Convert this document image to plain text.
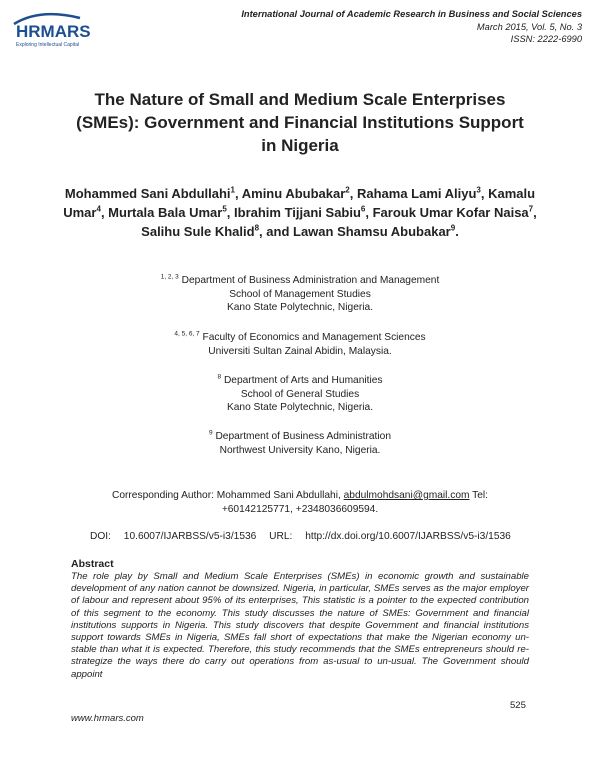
HRMARS
Exploring Intellectual Capital
International Journal of Academic Research in Business and Social Sciences
March 2015, Vol. 5, No. 3
ISSN: 2222-6990
The Nature of Small and Medium Scale Enterprises
(SMEs): Government and Financial Institutions Support
in Nigeria
Mohammed Sani Abdullahi$^1$, Aminu Abubakar$^2$, Rahama Lami Aliyu$^3$, Kamalu Umar$^4$, Murtala Bala Umar$^5$, Ibrahim Tijjani Sabiu$^6$, Farouk Umar Kofar Naisa$^7$, Salihu Sule Khalid$^8$, and Lawan Shamsu Abubakar$^9$.
$^{1, 2, 3}$ Department of Business Administration and Management
School of Management Studies
Kano State Polytechnic, Nigeria.
$^{4, 5, 6, 7}$ Faculty of Economics and Management Sciences
Universiti Sultan Zainal Abidin, Malaysia.
$^8$ Department of Arts and Humanities
School of General Studies
Kano State Polytechnic, Nigeria.
$^9$ Department of Business Administration
Northwest University Kano, Nigeria.
Corresponding Author: Mohammed Sani Abdullahi, abdulmohdsani@gmail.com Tel:
+60142125771, +2348036609594.
DOI: 10.6007/IJARBSS/v5-i3/1536 URL: http://dx.doi.org/10.6007/IJARBSS/v5-i3/1536
Abstract
The role play by Small and Medium Scale Enterprises (SMEs) in economic growth and sustainable development of any nation cannot be downsized. Nigeria, in particular, SMEs serves as the major employer of labour and represent about 95% of its enterprises, This statistic is a pointer to the expected contribution of this segment to the economy. This study discusses the nature of SMEs: Government and financial institutions supports in Nigeria. This study discovers that despite Government and financial institutions support towards SMEs in Nigeria, SMEs fall short of expectations that make the Nigerian economy un-stable than what it is expected. Therefore, this study recommends that the SMEs entrepreneurs should re-strategize the ways there do carry out operations from as-usual to un-usual. The Government should appoint
525
www.hrmars.com
